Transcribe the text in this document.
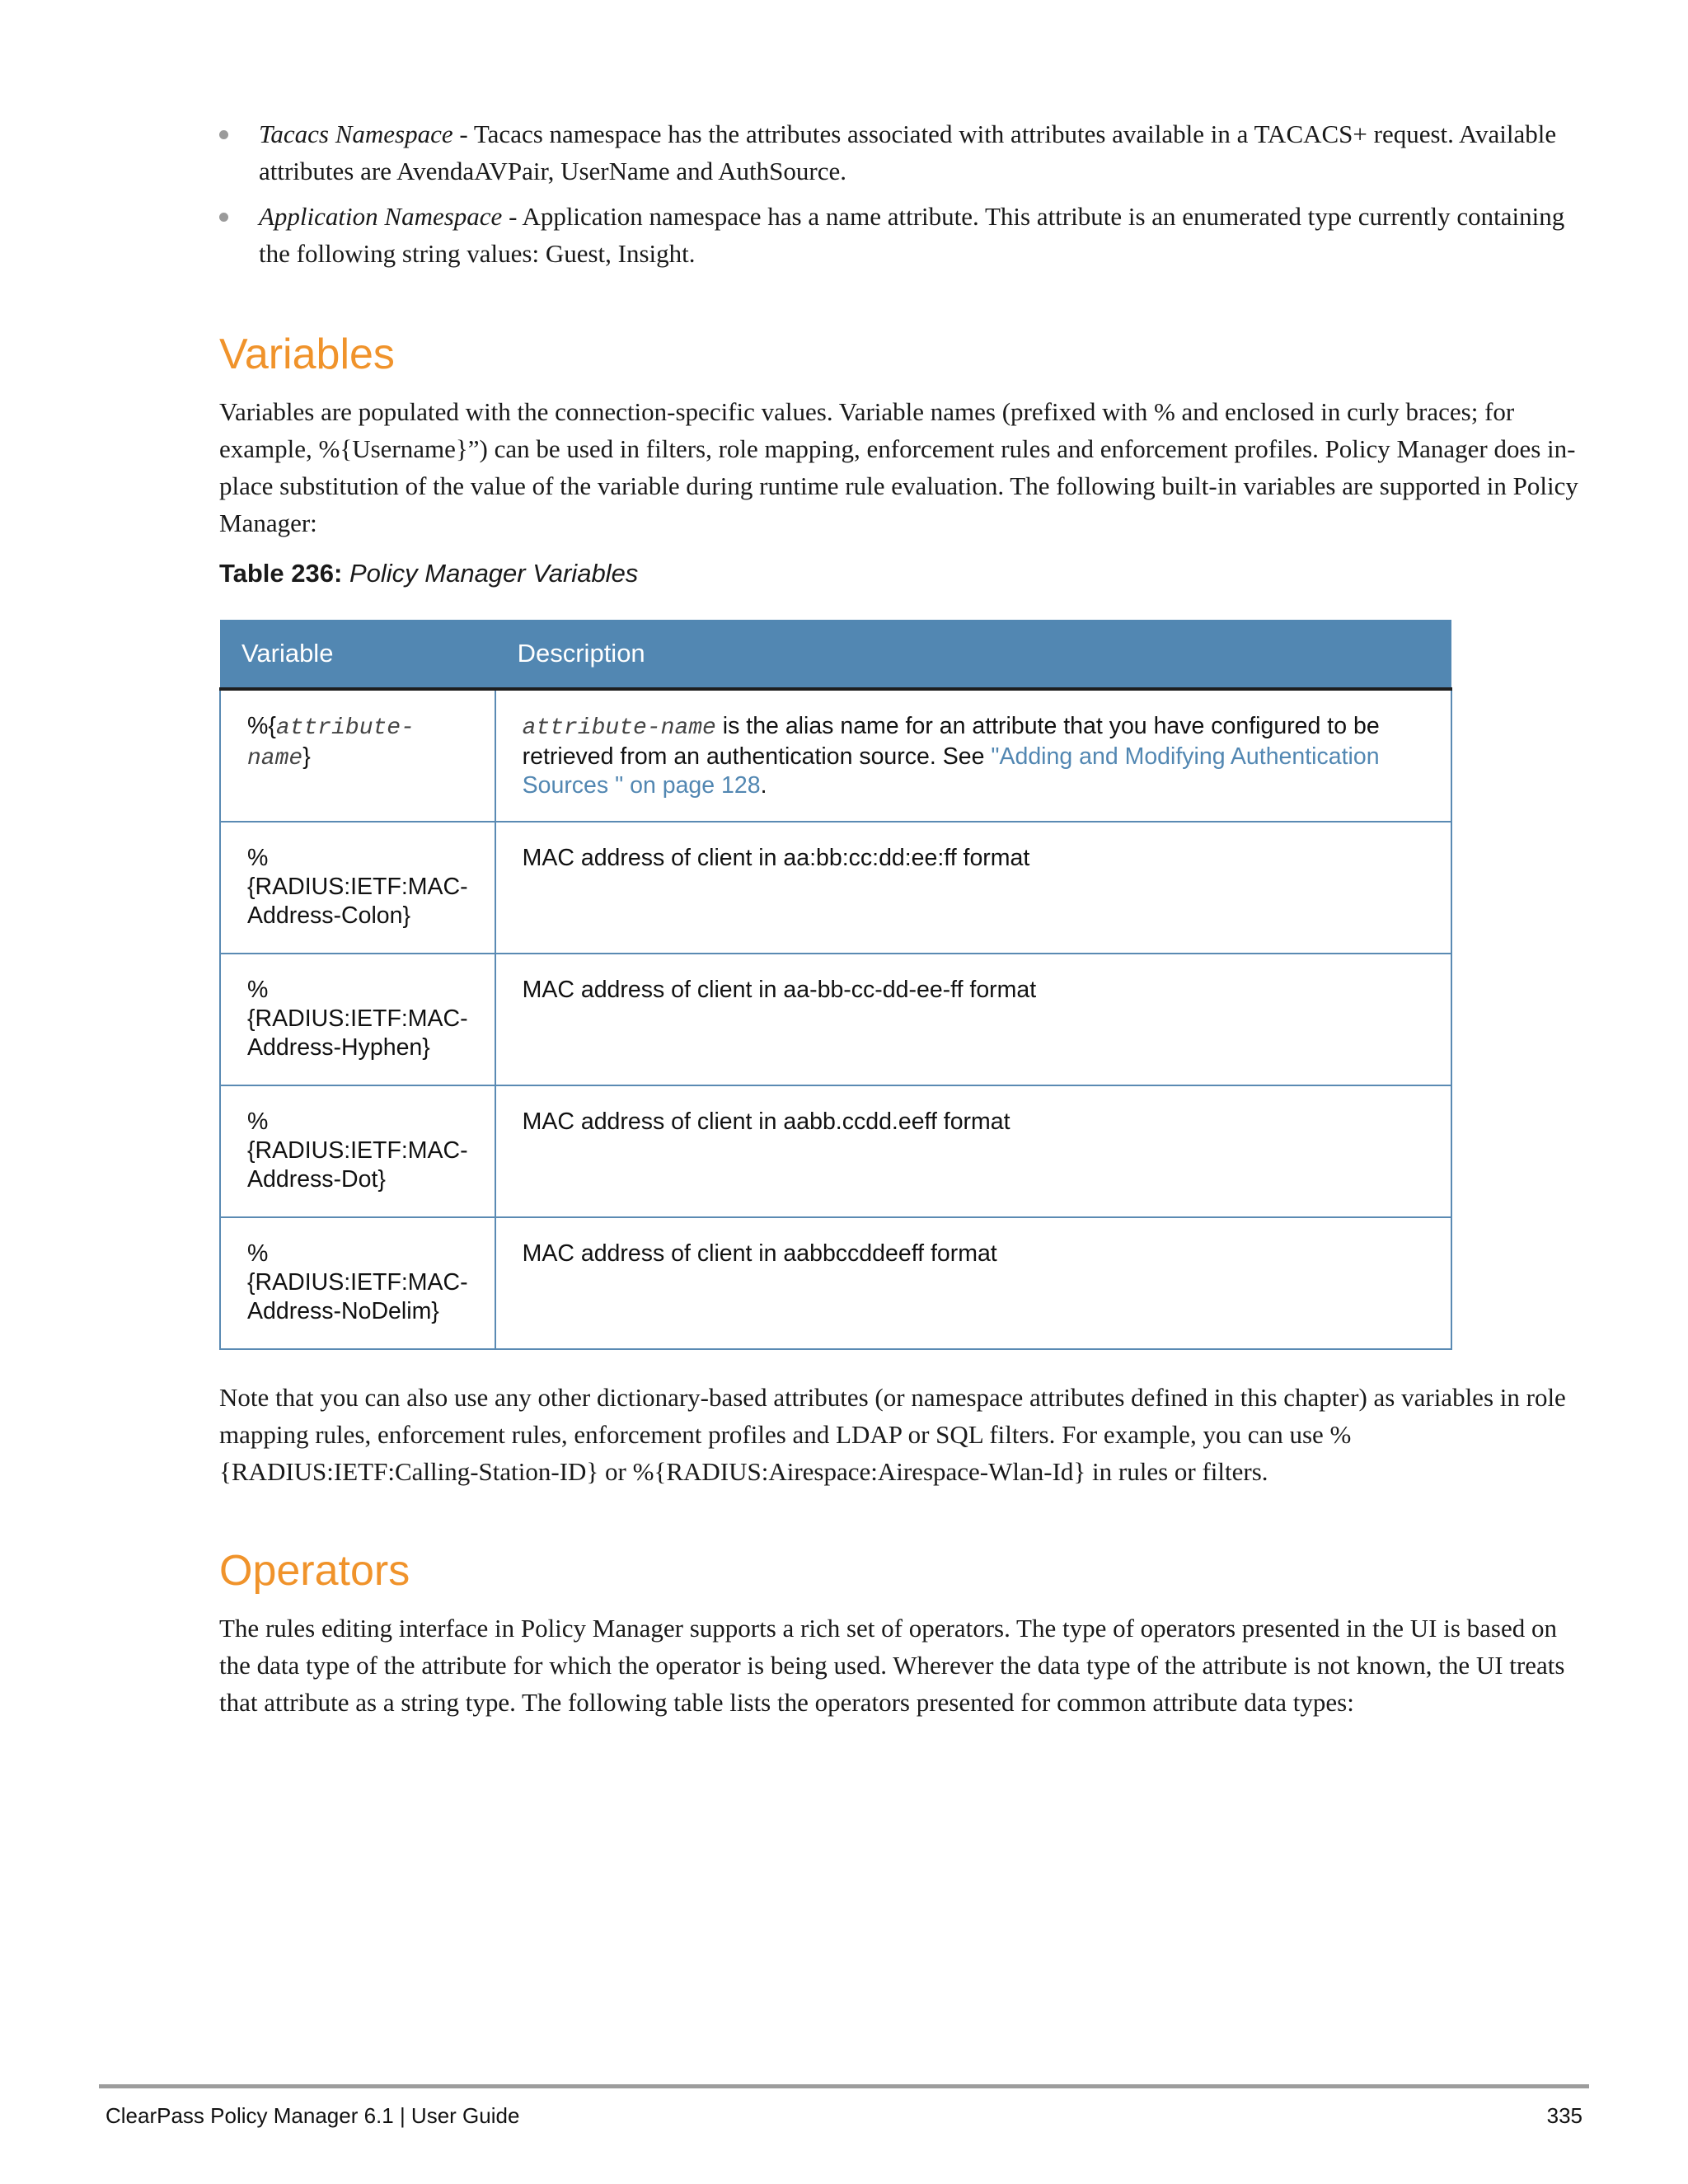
Tacacs Namespace - Tacacs namespace has the attributes associated with attributes available in a TACACS+ request. Available attributes are AvendaAVPair, UserName and AuthSource.
Application Namespace - Application namespace has a name attribute. This attribute is an enumerated type currently containing the following string values: Guest, Insight.
Variables

Variables are populated with the connection-specific values. Variable names (prefixed with % and enclosed in curly braces; for example, %{Username}”) can be used in filters, role mapping, enforcement rules and enforcement profiles. Policy Manager does in-place substitution of the value of the variable during runtime rule evaluation. The following built-in variables are supported in Policy Manager:

Table 236: Policy Manager Variables
Variable	Description
%{attribute-name}	attribute-name is the alias name for an attribute that you have configured to be retrieved from an authentication source. See "Adding and Modifying Authentication Sources " on page 128.
%{RADIUS:IETF:MAC-Address-Colon}	MAC address of client in aa:bb:cc:dd:ee:ff format
%{RADIUS:IETF:MAC-Address-Hyphen}	MAC address of client in aa-bb-cc-dd-ee-ff format
%{RADIUS:IETF:MAC-Address-Dot}	MAC address of client in aabb.ccdd.eeff format
%{RADIUS:IETF:MAC-Address-NoDelim}	MAC address of client in aabbccddeeff format

Note that you can also use any other dictionary-based attributes (or namespace attributes defined in this chapter) as variables in role mapping rules, enforcement rules, enforcement profiles and LDAP or SQL filters. For example, you can use %{RADIUS:IETF:Calling-Station-ID} or %{RADIUS:Airespace:Airespace-Wlan-Id} in rules or filters.

Operators

The rules editing interface in Policy Manager supports a rich set of operators. The type of operators presented in the UI is based on the data type of the attribute for which the operator is being used. Wherever the data type of the attribute is not known, the UI treats that attribute as a string type. The following table lists the operators presented for common attribute data types:

ClearPass Policy Manager 6.1 | User Guide	335
